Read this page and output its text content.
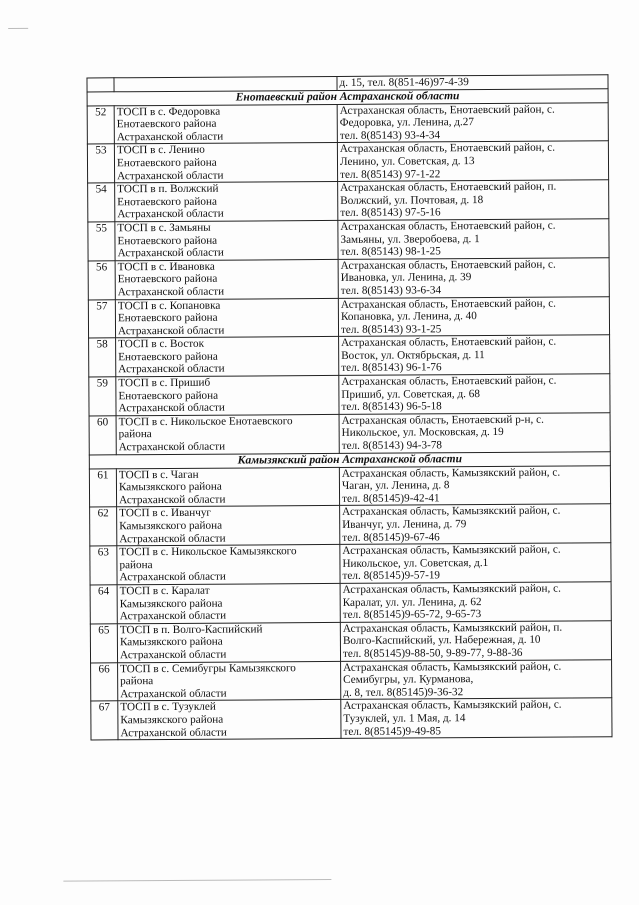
		д. 15, тел. 8(851-46)97-4-39
Енотаевский район Астраханской области		
52	ТОСП в с. Федоровка
Енотаевского района
Астраханской области	Астраханская область, Енотаевский район, с.
Федоровка, ул. Ленина, д.27
тел. 8(85143) 93-4-34

53	ТОСП в с. Ленино
Енотаевского района
Астраханской области	Астраханская область, Енотаевский район, с.
Ленино, ул. Советская, д. 13
тел. 8(85143) 97-1-22

54	ТОСП в п. Волжский
Енотаевского района
Астраханской области	Астраханская область, Енотаевский район, п.
Волжский, ул. Почтовая, д. 18
тел. 8(85143) 97-5-16

55	ТОСП в с. Замьяны
Енотаевского района
Астраханской области	Астраханская область, Енотаевский район, с.
Замьяны, ул. Зверобоева, д. 1
тел. 8(85143) 98-1-25

56	ТОСП в с. Ивановка
Енотаевского района
Астраханской области	Астраханская область, Енотаевский район, с.
Ивановка, ул. Ленина, д. 39
тел. 8(85143) 93-6-34

57	ТОСП в с. Копановка
Енотаевского района
Астраханской области	Астраханская область, Енотаевский район, с.
Копановка, ул. Ленина, д. 40
тел. 8(85143) 93-1-25

58	ТОСП в с. Восток
Енотаевского района
Астраханской области	Астраханская область, Енотаевский район, с.
Восток, ул. Октябрьская, д. 11
тел. 8(85143) 96-1-76

59	ТОСП в с. Пришиб
Енотаевского района
Астраханской области	Астраханская область, Енотаевский район, с.
Пришиб, ул. Советская, д. 68
тел. 8(85143) 96-5-18

60	ТОСП в с. Никольское Енотаевского
района
Астраханской области	Астраханская область, Енотаевский р-н, с.
Никольское, ул. Московская, д. 19
тел. 8(85143) 94-3-78

Камызякский район Астраханской области		
61	ТОСП в с. Чаган
Камызякского района
Астраханской области	Астраханская область, Камызякский район, с.
Чаган, ул. Ленина, д. 8
тел. 8(85145)9-42-41

62	ТОСП в с. Иванчуг
Камызякского района
Астраханской области	Астраханская область, Камызякский район, с.
Иванчуг, ул. Ленина, д. 79
тел. 8(85145)9-67-46

63	ТОСП в с. Никольское Камызякского
района
Астраханской области	Астраханская область, Камызякский район, с.
Никольское, ул. Советская, д.1
тел. 8(85145)9-57-19

64	ТОСП в с. Каралат
Камызякского района
Астраханской области	Астраханская область, Камызякский район, с.
Каралат, ул. ул. Ленина, д. 62
тел. 8(85145)9-65-72, 9-65-73

65	ТОСП в п. Волго-Каспийский
Камызякского района
Астраханской области	Астраханская область, Камызякский район, п.
Волго-Каспийский, ул. Набережная, д. 10
тел. 8(85145)9-88-50, 9-89-77, 9-88-36

66	ТОСП в с. Семибугры Камызякского
района
Астраханской области	Астраханская область, Камызякский район, с.
Семибугры, ул. Курманова,
д. 8, тел. 8(85145)9-36-32

67	ТОСП в с. Тузуклей
Камызякского района
Астраханской области	Астраханская область, Камызякский район, с.
Тузуклей, ул. 1 Мая, д. 14
тел. 8(85145)9-49-85
